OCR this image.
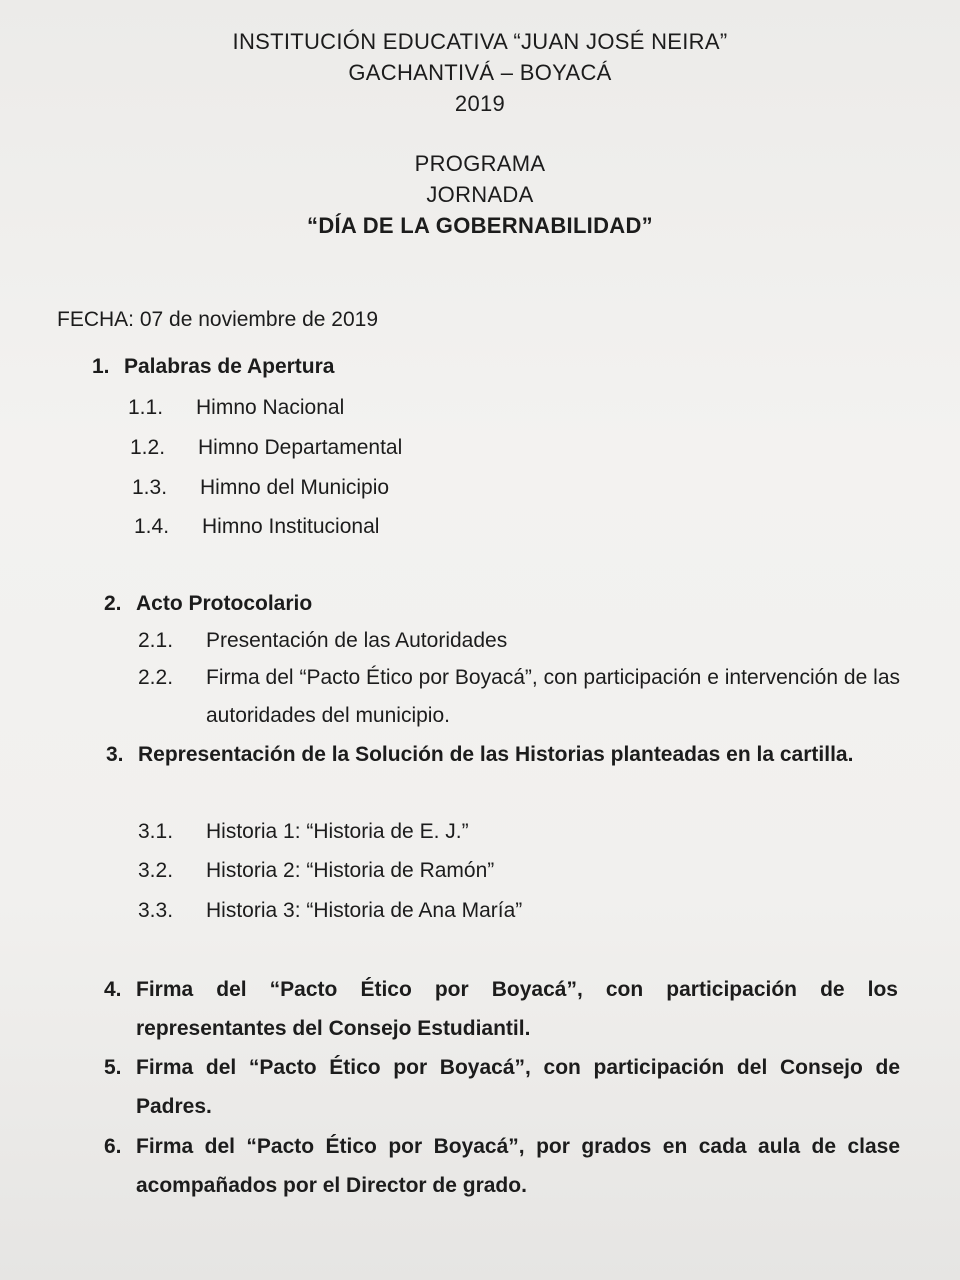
INSTITUCIÓN EDUCATIVA “JUAN JOSÉ NEIRA”
GACHANTIVÁ – BOYACÁ
2019
PROGRAMA
JORNADA
“DÍA DE LA GOBERNABILIDAD”
FECHA: 07 de noviembre de 2019
1. Palabras de Apertura
1.1. Himno Nacional
1.2. Himno Departamental
1.3. Himno del Municipio
1.4. Himno Institucional
2. Acto Protocolario
2.1. Presentación de las Autoridades
2.2. Firma del “Pacto Ético por Boyacá”, con participación e intervención de las autoridades del municipio.
3. Representación de la Solución de las Historias planteadas en la cartilla.
3.1. Historia 1: “Historia de E. J.”
3.2. Historia 2: “Historia de Ramón”
3.3. Historia 3: “Historia de Ana María”
4. Firma del “Pacto Ético por Boyacá”, con participación de los representantes del Consejo Estudiantil.
5. Firma del “Pacto Ético por Boyacá”, con participación del Consejo de Padres.
6. Firma del “Pacto Ético por Boyacá”, por grados en cada aula de clase acompañados por el Director de grado.
